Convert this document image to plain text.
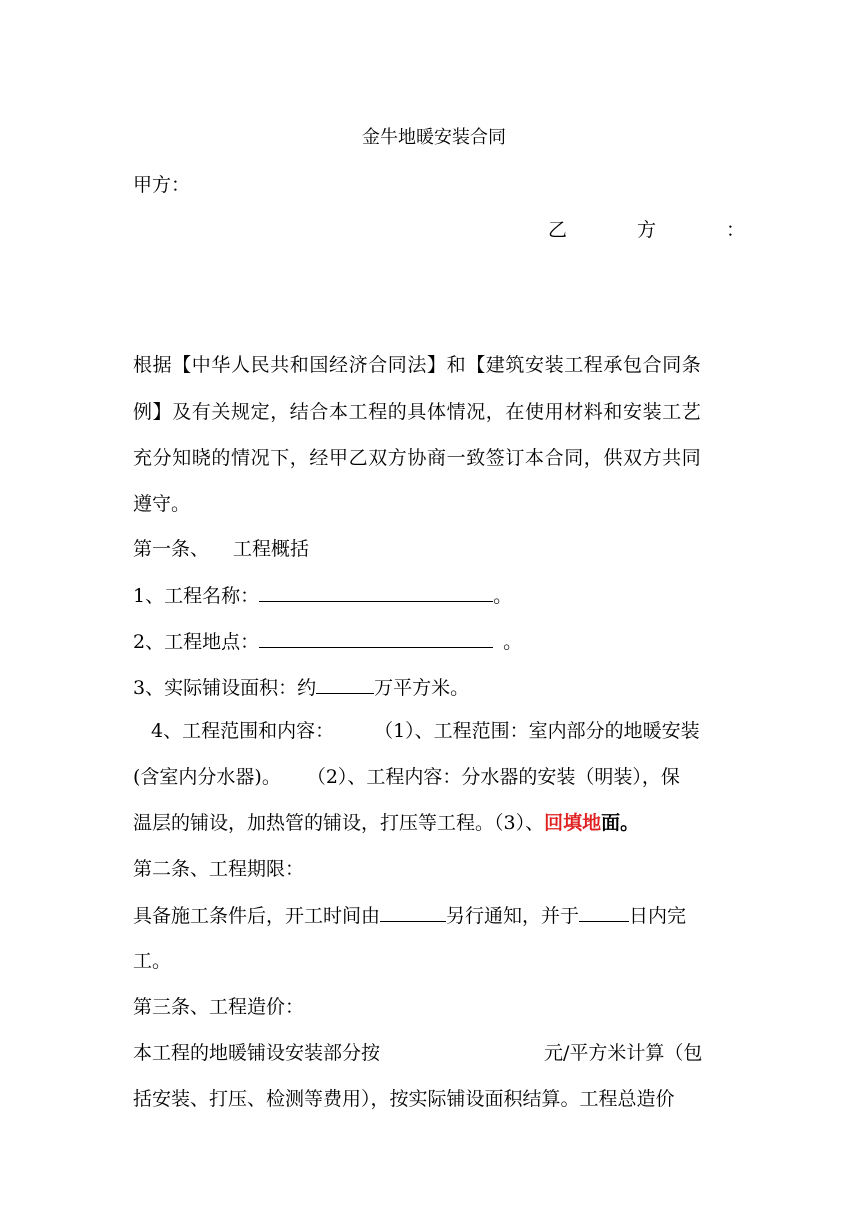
金牛地暖安装合同
甲方：
乙	方	：
根据【中华人民共和国经济合同法】和【建筑安装工程承包合同条
例】及有关规定，结合本工程的具体情况，在使用材料和安装工艺
充分知晓的情况下，经甲乙双方协商一致签订本合同，供双方共同
遵守。
第一条、 工程概括
1、工程名称：	。
2、工程地点：	。
3、实际铺设面积：约	万平方米。
4、工程范围和内容： （1）、工程范围：室内部分的地暖安装
(含室内分水器)。 （2）、工程内容：分水器的安装（明装），保
温层的铺设，加热管的铺设，打压等工程。（3）、回填地面。
第二条、工程期限：
具备施工条件后，开工时间由	另行通知，并于	日内完
工。
第三条、工程造价：
本工程的地暖铺设安装部分按	元/平方米计算（包
括安装、打压、检测等费用），按实际铺设面积结算。工程总造价
